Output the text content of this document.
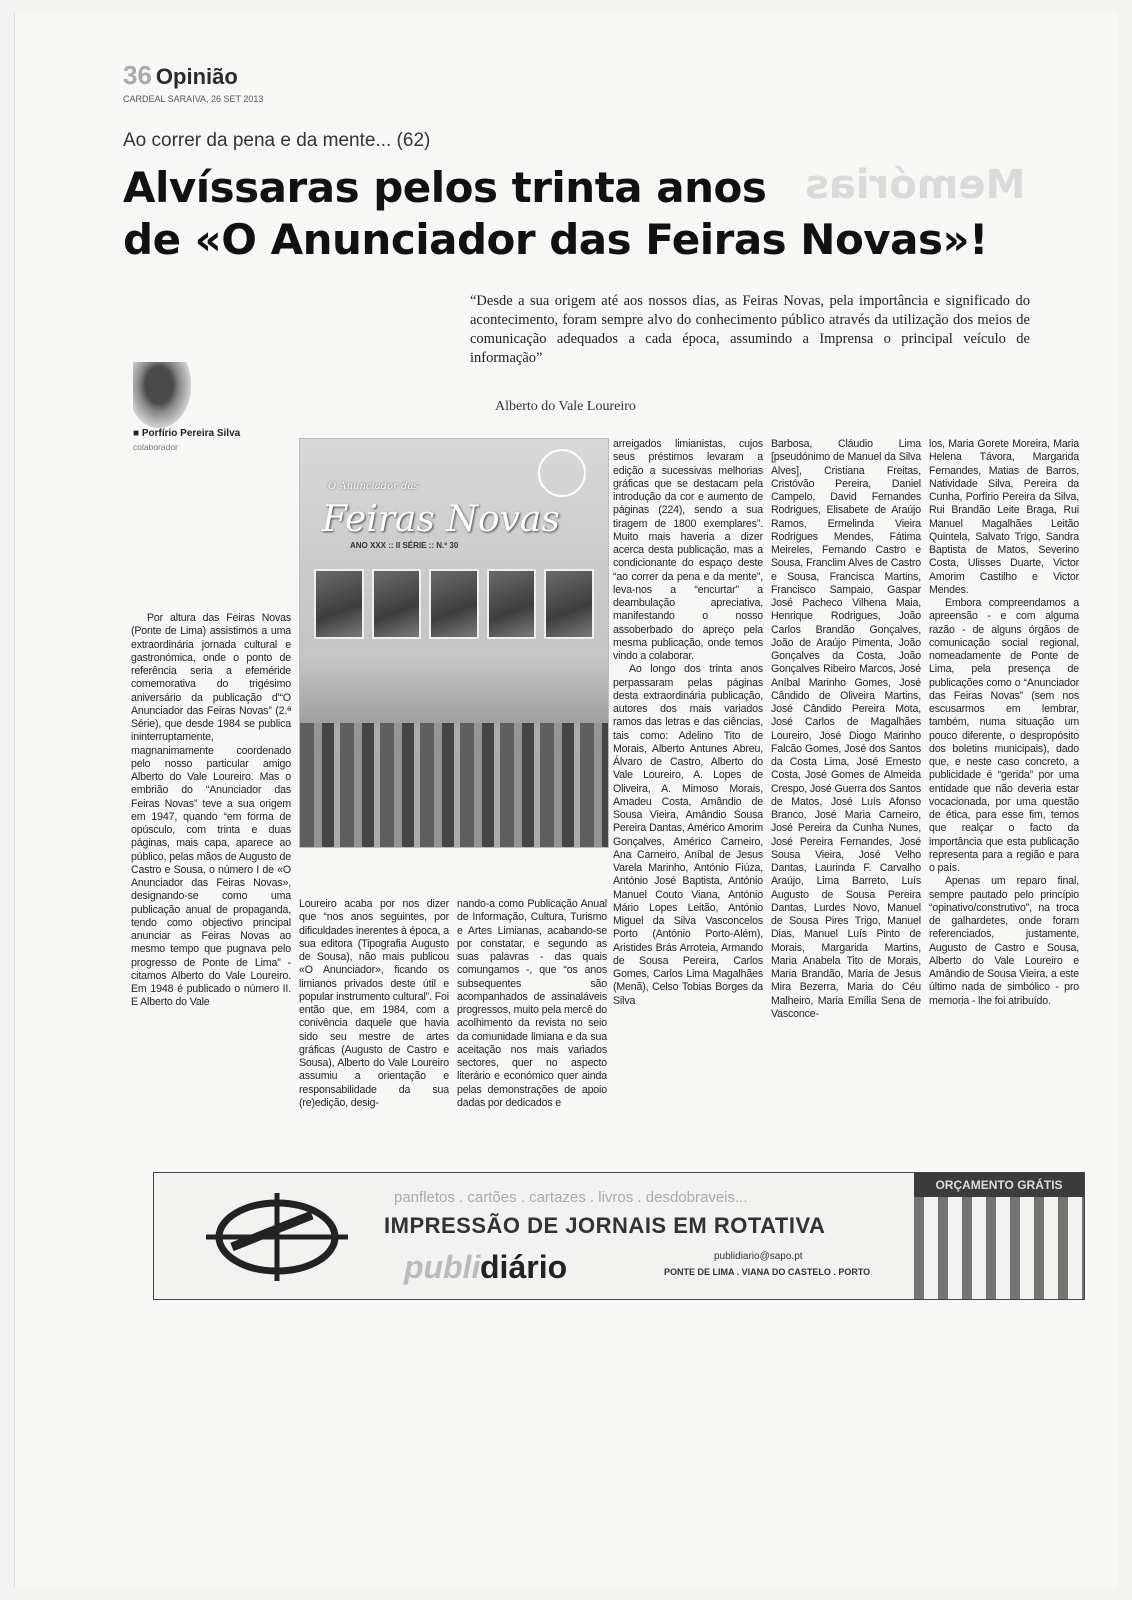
36 Opinião
CARDEAL SARAIVA, 26 SET 2013
Ao correr da pena e da mente... (62)
Memórias
Alvíssaras pelos trinta anos
de «O Anunciador das Feiras Novas»!
“Desde a sua origem até aos nossos dias, as Feiras Novas, pela importância e significado do acontecimento, foram sempre alvo do conhecimento público através da utilização dos meios de comunicação adequados a cada época, assumindo a Imprensa o principal veículo de informação”
Alberto do Vale Loureiro
■ Porfírio Pereira Silva
colaborador
O Anunciador das
Feiras Novas
ANO XXX :: II SÉRIE :: N.º 30

Por altura das Feiras Novas (Ponte de Lima) assistimos a uma extraordinária jornada cultural e gastronómica, onde o ponto de referência seria a efeméride comemorativa do trigésimo aniversário da publicação d'“O Anunciador das Feiras Novas” (2.ª Série), que desde 1984 se publica ininterruptamente, magnanimamente coordenado pelo nosso particular amigo Alberto do Vale Loureiro. Mas o embrião do “Anunciador das Feiras Novas” teve a sua origem em 1947, quando “em forma de opúsculo, com trinta e duas páginas, mais capa, aparece ao público, pelas mãos de Augusto de Castro e Sousa, o número I de «O Anunciador das Feiras Novas», designando-se como uma publicação anual de propaganda, tendo como objectivo principal anunciar as Feiras Novas ao mesmo tempo que pugnava pelo progresso de Ponte de Lima” - citamos Alberto do Vale Loureiro. Em 1948 é publicado o número II. E Alberto do Vale

Loureiro acaba por nos dizer que “nos anos seguintes, por dificuldades inerentes à época, a sua editora (Tipografia Augusto de Sousa), não mais publicou «O Anunciador», ficando os limianos privados deste útil e popular instrumento cultural”. Foi então que, em 1984, com a conivência daquele que havia sido seu mestre de artes gráficas (Augusto de Castro e Sousa), Alberto do Vale Loureiro assumiu a orientação e responsabilidade da sua (re)edição, desig-

arreigados limianistas, cujos seus préstimos levaram a edição a sucessivas melhorias gráficas que se destacam pela introdução da cor e aumento de páginas (224), sendo a sua tiragem de 1800 exemplares”. Muito mais haveria a dizer acerca desta publicação, mas a condicionante do espaço deste “ao correr da pena e da mente”, leva-nos a “encurtar” a deambulação apreciativa, manifestando o nosso assoberbado do apreço pela mesma publicação, onde temos vindo a colaborar.

Ao longo dos trinta anos perpassaram pelas páginas desta extraordinária publicação, autores dos mais variados ramos das letras e das ciências, tais como: Adelino Tito de Morais, Alberto Antunes Abreu, Álvaro de Castro, Alberto do Vale Loureiro, A. Lopes de Oliveira, A. Mimoso Morais, Amadeu Costa, Amândio de Sousa Vieira, Amândio Sousa Pereira Dantas, Américo Amorim Gonçalves, Américo Carneiro, Ana Carneiro, Aníbal de Jesus Varela Marinho, António Fiúza, António José Baptista, António Manuel Couto Viana, António Mário Lopes Leitão, António Miguel da Silva Vasconcelos Porto (António Porto-Além), Aristides Brás Arroteia, Armando de Sousa Pereira, Carlos Gomes, Carlos Lima Magalhães (Menã), Celso Tobias Borges da Silva

nando-a como Publicação Anual de Informação, Cultura, Turismo e Artes Limianas, acabando-se por constatar, e segundo as suas palavras - das quais comungamos -, que “os anos subsequentes são acompanhados de assinaláveis progressos, muito pela mercê do acolhimento da revista no seio da comunidade limiana e da sua aceitação nos mais variados sectores, quer no aspecto literário e económico quer ainda pelas demonstrações de apoio dadas por dedicados e

Barbosa, Cláudio Lima [pseudónimo de Manuel da Silva Alves], Cristiana Freitas, Cristóvão Pereira, Daniel Campelo, David Fernandes Rodrigues, Elisabete de Araújo Ramos, Ermelinda Vieira Rodrigues Mendes, Fátima Meireles, Fernando Castro e Sousa, Franclim Alves de Castro e Sousa, Francisca Martins, Francisco Sampaio, Gaspar José Pacheco Vilhena Maia, Henrique Rodrigues, João Carlos Brandão Gonçalves, João de Araújo Pimenta, João Gonçalves da Costa, João Gonçalves Ribeiro Marcos, José Aníbal Marinho Gomes, José Cândido de Oliveira Martins, José Cândido Pereira Mota, José Carlos de Magalhães Loureiro, José Diogo Marinho Falcão Gomes, José dos Santos da Costa Lima, José Ernesto Costa, José Gomes de Almeida Crespo, José Guerra dos Santos de Matos, José Luís Afonso Branco, José Maria Carneiro, José Pereira da Cunha Nunes, José Pereira Fernandes, José Sousa Vieira, José Velho Dantas, Laurinda F. Carvalho Araújo, Lima Barreto, Luís Augusto de Sousa Pereira Dantas, Lurdes Novo, Manuel de Sousa Pires Trigo, Manuel Dias, Manuel Luís Pinto de Morais, Margarida Martins, Maria Anabela Tito de Morais, Maria Brandão, Maria de Jesus Mira Bezerra, Maria do Céu Malheiro, Maria Emília Sena de Vasconce-

los, Maria Gorete Moreira, Maria Helena Távora, Margarida Fernandes, Matias de Barros, Natividade Silva, Pereira da Cunha, Porfírio Pereira da Silva, Rui Brandão Leite Braga, Rui Manuel Magalhães Leitão Quintela, Salvato Trigo, Sandra Baptista de Matos, Severino Costa, Ulisses Duarte, Victor Amorim Castilho e Victor Mendes.

Embora compreendamos a apreensão - e com alguma razão - de alguns órgãos de comunicação social regional, nomeadamente de Ponte de Lima, pela presença de publicações como o “Anunciador das Feiras Novas” (sem nos escusarmos em lembrar, também, numa situação um pouco diferente, o despropósito dos boletins municipais), dado que, e neste caso concreto, a publicidade é “gerida” por uma entidade que não deveria estar vocacionada, por uma questão de ética, para esse fim, temos que realçar o facto da importância que esta publicação representa para a região e para o país.

Apenas um reparo final, sempre pautado pelo princípio “opinativo/construtivo”, na troca de galhardetes, onde foram referenciados, justamente, Augusto de Castro e Sousa, Alberto do Vale Loureiro e Amândio de Sousa Vieira, a este último nada de simbólico - pro memoria - lhe foi atribuído.

panfletos . cartões . cartazes . livros . desdobraveis...
IMPRESSÃO DE JORNAIS EM ROTATIVA
publi diário	publidiario@sapo.pt
PONTE DE LIMA . VIANA DO CASTELO . PORTO
ORÇAMENTO GRÁTIS
